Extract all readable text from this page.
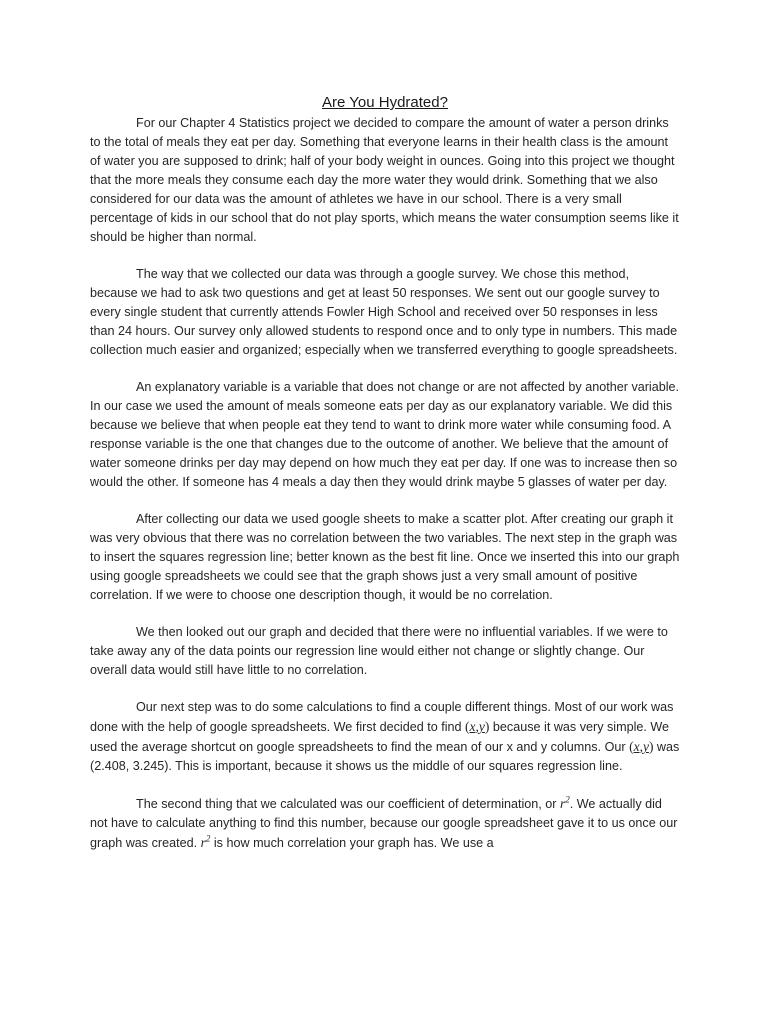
Are You Hydrated?

For our Chapter 4 Statistics project we decided to compare the amount of water a person drinks to the total of meals they eat per day. Something that everyone learns in their health class is the amount of water you are supposed to drink; half of your body weight in ounces. Going into this project we thought that the more meals they consume each day the more water they would drink. Something that we also considered for our data was the amount of athletes we have in our school. There is a very small percentage of kids in our school that do not play sports, which means the water consumption seems like it should be higher than normal.

The way that we collected our data was through a google survey. We chose this method, because we had to ask two questions and get at least 50 responses. We sent out our google survey to every single student that currently attends Fowler High School and received over 50 responses in less than 24 hours. Our survey only allowed students to respond once and to only type in numbers. This made collection much easier and organized; especially when we transferred everything to google spreadsheets.

An explanatory variable is a variable that does not change or are not affected by another variable. In our case we used the amount of meals someone eats per day as our explanatory variable. We did this because we believe that when people eat they tend to want to drink more water while consuming food. A response variable is the one that changes due to the outcome of another. We believe that the amount of water someone drinks per day may depend on how much they eat per day. If one was to increase then so would the other. If someone has 4 meals a day then they would drink maybe 5 glasses of water per day.

After collecting our data we used google sheets to make a scatter plot. After creating our graph it was very obvious that there was no correlation between the two variables. The next step in the graph was to insert the squares regression line; better known as the best fit line. Once we inserted this into our graph using google spreadsheets we could see that the graph shows just a very small amount of positive correlation. If we were to choose one description though, it would be no correlation.

We then looked out our graph and decided that there were no influential variables. If we were to take away any of the data points our regression line would either not change or slightly change. Our overall data would still have little to no correlation.

Our next step was to do some calculations to find a couple different things. Most of our work was done with the help of google spreadsheets. We first decided to find (x,y) because it was very simple. We used the average shortcut on google spreadsheets to find the mean of our x and y columns. Our (x,y) was (2.408, 3.245). This is important, because it shows us the middle of our squares regression line.

The second thing that we calculated was our coefficient of determination, or $r^2$. We actually did not have to calculate anything to find this number, because our google spreadsheet gave it to us once our graph was created. $r^2$ is how much correlation your graph has. We use a
